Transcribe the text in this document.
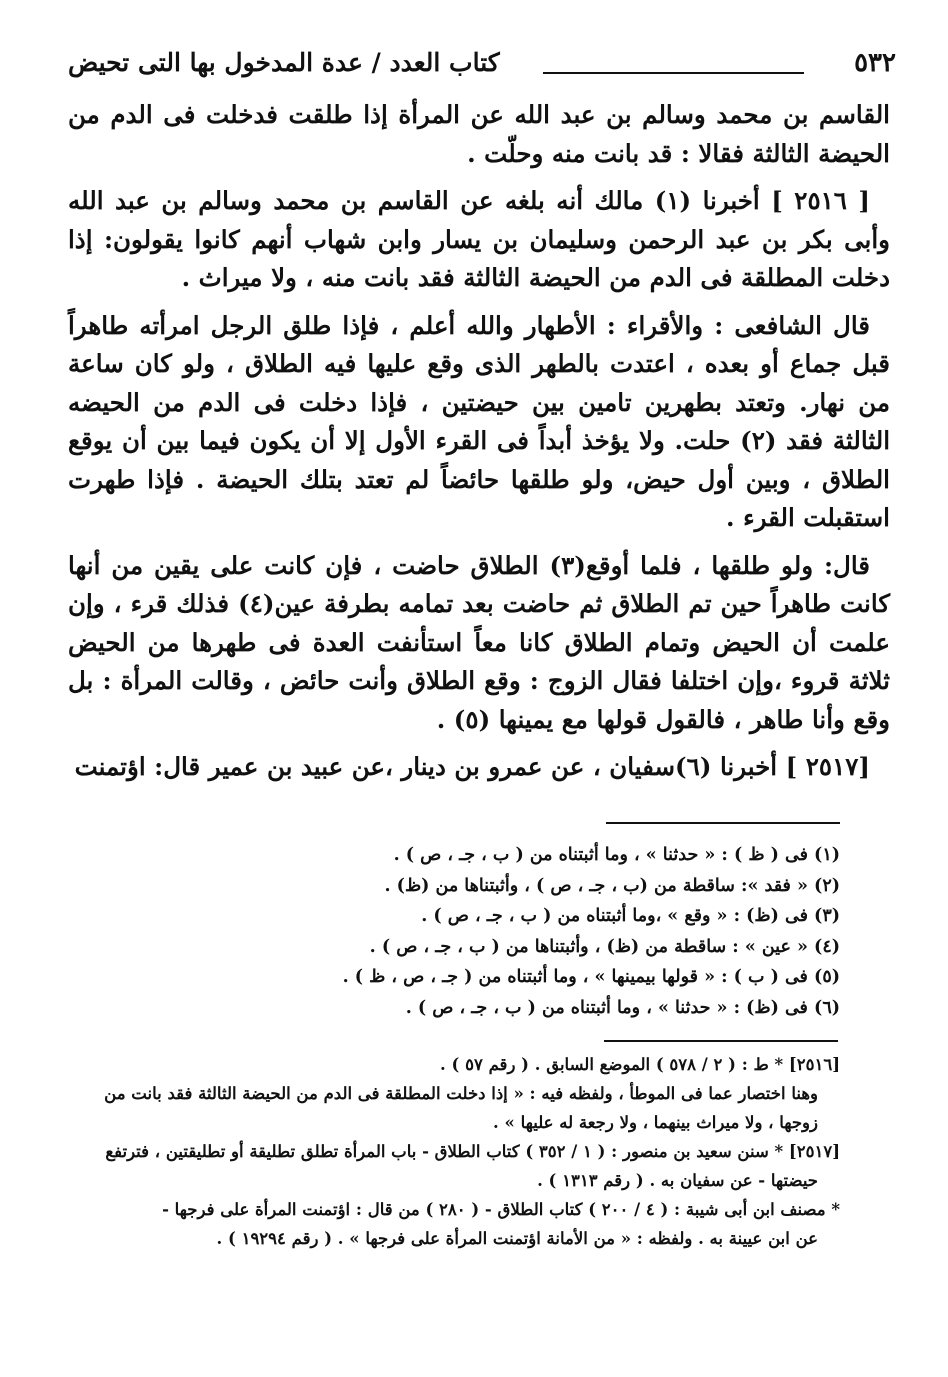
٥٣٢
كتاب العدد / عدة المدخول بها التى تحيض

القاسم بن محمد وسالم بن عبد الله عن المرأة إذا طلقت فدخلت فى الدم من الحيضة الثالثة فقالا : قد بانت منه وحلّت .

[ ٢٥١٦ ] أخبرنا (١) مالك أنه بلغه عن القاسم بن محمد وسالم بن عبد الله وأبى بكر بن عبد الرحمن وسليمان بن يسار وابن شهاب أنهم كانوا يقولون: إذا دخلت المطلقة فى الدم من الحيضة الثالثة فقد بانت منه ، ولا ميراث .

قال الشافعى : والأقراء : الأطهار والله أعلم ، فإذا طلق الرجل امرأته طاهراً قبل جماع أو بعده ، اعتدت بالطهر الذى وقع عليها فيه الطلاق ، ولو كان ساعة من نهار. وتعتد بطهرين تامين بين حيضتين ، فإذا دخلت فى الدم من الحيضه الثالثة فقد (٢) حلت. ولا يؤخذ أبداً فى القرء الأول إلا أن يكون فيما بين أن يوقع الطلاق ، وبين أول حيض، ولو طلقها حائضاً لم تعتد بتلك الحيضة . فإذا طهرت استقبلت القرء .

قال: ولو طلقها ، فلما أوقع(٣) الطلاق حاضت ، فإن كانت على يقين من أنها كانت طاهراً حين تم الطلاق ثم حاضت بعد تمامه بطرفة عين(٤) فذلك قرء ، وإن علمت أن الحيض وتمام الطلاق كانا معاً استأنفت العدة فى طهرها من الحيض ثلاثة قروء ،وإن اختلفا فقال الزوج : وقع الطلاق وأنت حائض ، وقالت المرأة : بل وقع وأنا طاهر ، فالقول قولها مع يمينها (٥) .

[٢٥١٧ ] أخبرنا (٦)سفيان ، عن عمرو بن دينار ،عن عبيد بن عمير قال: اؤتمنت

(١) فى ( ظ ) : « حدثنا » ، وما أثبتناه من ( ب ، جـ ، ص ) .
(٢) « فقد »: ساقطة من (ب ، جـ ، ص ) ، وأثبتناها من (ظ) .
(٣) فى (ظ) : « وقع » ،وما أثبتناه من ( ب ، جـ ، ص ) .
(٤) « عين » : ساقطة من (ظ) ، وأثبتناها من ( ب ، جـ ، ص ) .
(٥) فى ( ب ) : « قولها بيمينها » ، وما أثبتناه من ( جـ ، ص ، ظ ) .
(٦) فى (ظ) : « حدثنا » ، وما أثبتناه من ( ب ، جـ ، ص ) .
[٢٥١٦] * ط : ( ٢ / ٥٧٨ ) الموضع السابق . ( رقم ٥٧ ) .
وهنا اختصار عما فى الموطأ ، ولفظه فيه : « إذا دخلت المطلقة فى الدم من الحيضة الثالثة فقد بانت من زوجها ، ولا ميراث بينهما ، ولا رجعة له عليها » .
[٢٥١٧] * سنن سعيد بن منصور : ( ١ / ٣٥٢ ) كتاب الطلاق - باب المرأة تطلق تطليقة أو تطليقتين ، فترتفع
حيضتها - عن سفيان به . ( رقم ١٣١٣ ) .
* مصنف ابن أبى شيبة : ( ٤ / ٢٠٠ ) كتاب الطلاق - ( ٢٨٠ ) من قال : اؤتمنت المرأة على فرجها -
عن ابن عيينة به . ولفظه : « من الأمانة اؤتمنت المرأة على فرجها » . ( رقم ١٩٢٩٤ ) .
